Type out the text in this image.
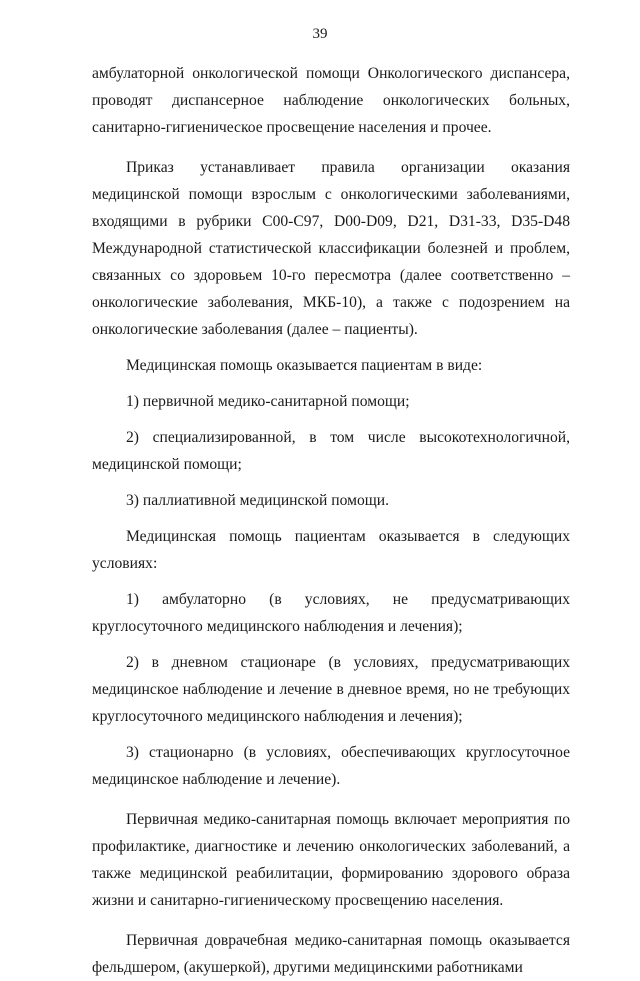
39

амбулаторной онкологической помощи Онкологического диспансера, проводят диспансерное наблюдение онкологических больных, санитарно-гигиеническое просвещение населения и прочее.

Приказ устанавливает правила организации оказания медицинской помощи взрослым с онкологическими заболеваниями, входящими в рубрики C00-C97, D00-D09, D21, D31-33, D35-D48 Международной статистической классификации болезней и проблем, связанных со здоровьем 10-го пересмотра (далее соответственно – онкологические заболевания, МКБ-10), а также с подозрением на онкологические заболевания (далее – пациенты).

Медицинская помощь оказывается пациентам в виде:

1) первичной медико-санитарной помощи;

2) специализированной, в том числе высокотехнологичной, медицинской помощи;

3) паллиативной медицинской помощи.

Медицинская помощь пациентам оказывается в следующих условиях:

1) амбулаторно (в условиях, не предусматривающих круглосуточного медицинского наблюдения и лечения);

2) в дневном стационаре (в условиях, предусматривающих медицинское наблюдение и лечение в дневное время, но не требующих круглосуточного медицинского наблюдения и лечения);

3) стационарно (в условиях, обеспечивающих круглосуточное медицинское наблюдение и лечение).

Первичная медико-санитарная помощь включает мероприятия по профилактике, диагностике и лечению онкологических заболеваний, а также медицинской реабилитации, формированию здорового образа жизни и санитарно-гигиеническому просвещению населения.

Первичная доврачебная медико-санитарная помощь оказывается фельдшером, (акушеркой), другими медицинскими работниками
